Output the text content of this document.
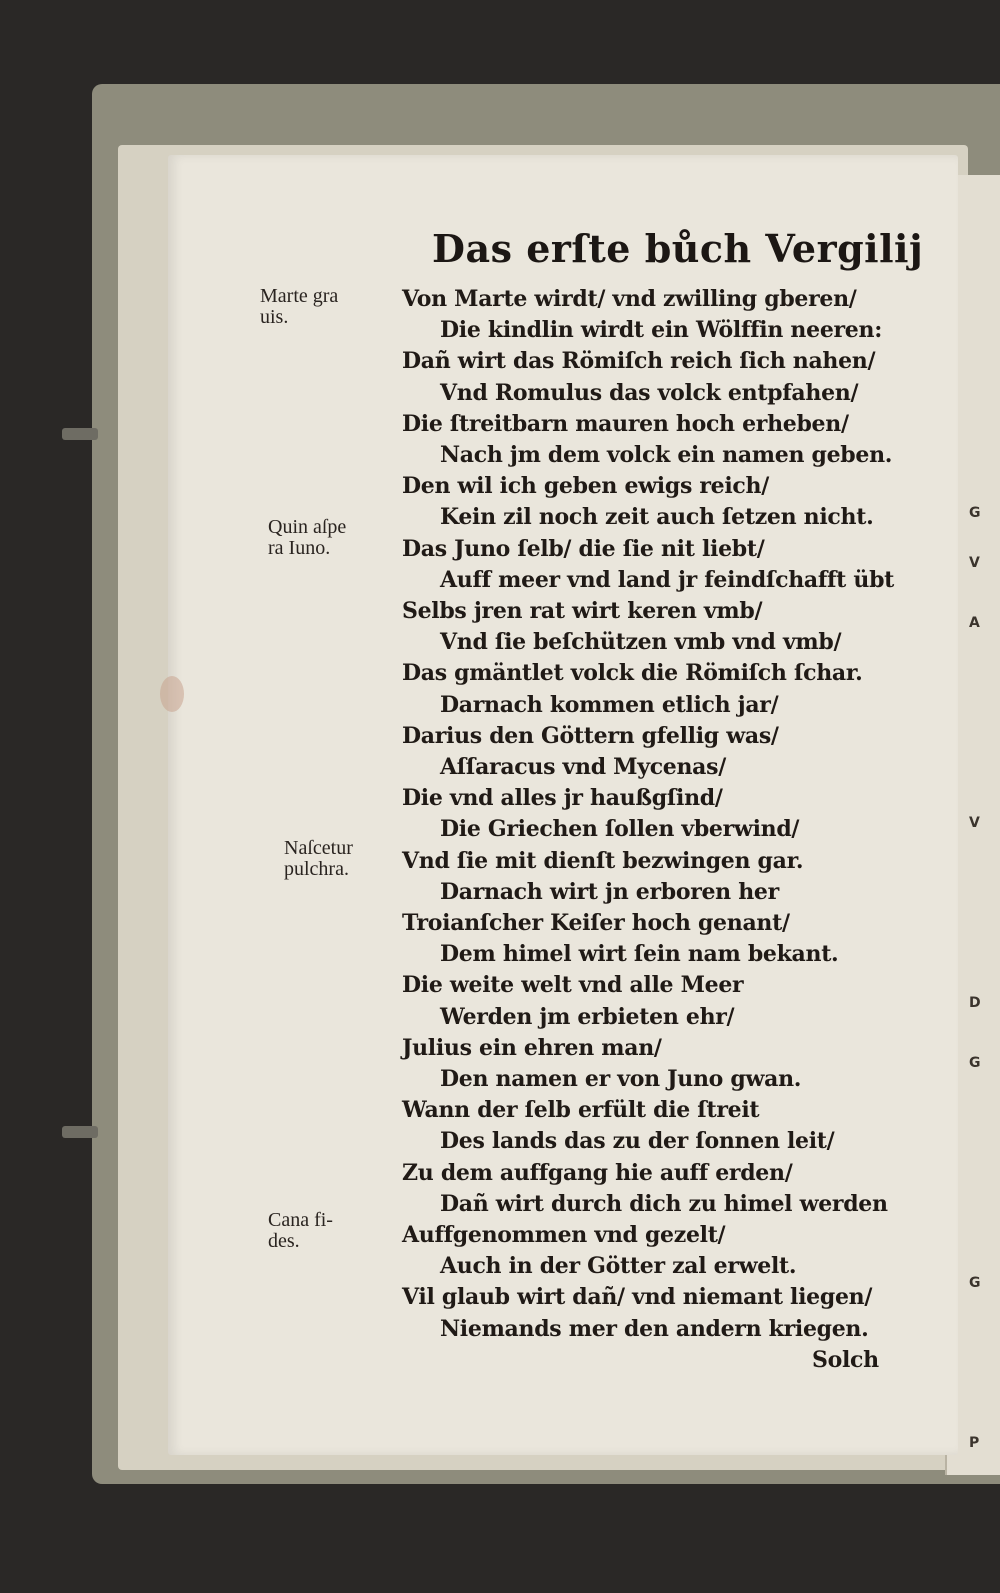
G
V
A
V
D
G
G
P
Das erſte bůch Vergilij
Marte gra
uis.
Quin aſpe
ra Iuno.
Naſcetur
pulchra.
Cana fi-
des.
Von Marte wirdt/ vnd zwilling gberen/
Die kindlin wirdt ein Wölffin neeren:
Dañ wirt das Römiſch reich ſich nahen/
Vnd Romulus das volck entpfahen/
Die ſtreitbarn mauren hoch erheben/
Nach jm dem volck ein namen geben.
Den wil ich geben ewigs reich/
Kein zil noch zeit auch ſetzen nicht.
Das Juno ſelb/ die ſie nit liebt/
Auff meer vnd land jr feindſchafft übt
Selbs jren rat wirt keren vmb/
Vnd ſie beſchützen vmb vnd vmb/
Das gmäntlet volck die Römiſch ſchar.
Darnach kommen etlich jar/
Darius den Göttern gfellig was/
Aſſaracus vnd Mycenas/
Die vnd alles jr haußgſind/
Die Griechen ſollen vberwind/
Vnd ſie mit dienſt bezwingen gar.
Darnach wirt jn erboren her
Troianſcher Keiſer hoch genant/
Dem himel wirt ſein nam bekant.
Die weite welt vnd alle Meer
Werden jm erbieten ehr/
Julius ein ehren man/
Den namen er von Juno gwan.
Wann der ſelb erfült die ſtreit
Des lands das zu der ſonnen leit/
Zu dem auffgang hie auff erden/
Dañ wirt durch dich zu himel werden
Auffgenommen vnd gezelt/
Auch in der Götter zal erwelt.
Vil glaub wirt dañ/ vnd niemant liegen/
Niemands mer den andern kriegen.
Solch
